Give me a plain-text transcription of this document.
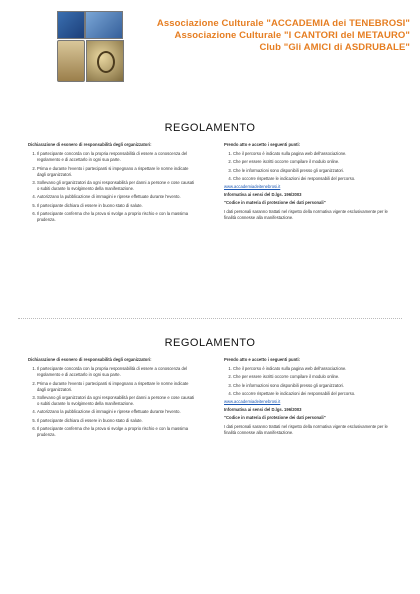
Associazione Culturale "ACCADEMIA dei TENEBROSI"
Associazione Culturale "I CANTORI del METAURO"
Club "Gli AMICI di ASDRUBALE"
REGOLAMENTO
Dichiarazione di esonero di responsabilità degli organizzatori:
1. Il partecipante concorda con la propria responsabilità di essere a conoscenza del regolamento e di accettarlo in ogni sua parte.
2. Prima e durante l'evento i partecipanti si impegnano a rispettare le norme indicate dagli organizzatori.
3. Sollevano gli organizzatori da ogni responsabilità per danni a persone e cose causati o subiti durante lo svolgimento della manifestazione.
4. Autorizzano la pubblicazione di immagini e riprese effettuate durante l'evento.
5. Il partecipante dichiara di essere in buono stato di salute.
6. Il partecipante conferma che la prova si svolge a proprio rischio e con la massima prudenza.
Prendo atto e accetto i seguenti punti:
1. Che il percorso è indicato sulla pagina web dell'associazione.
2. Che per essere iscritti occorre compilare il modulo online.
3. Che le informazioni sono disponibili presso gli organizzatori.
4. Che occorre rispettare le indicazioni dei responsabili del percorso.

www.accademiadeitenebrosi.it

Informativa ai sensi del D.lgs. 196/2003

"Codice in materia di protezione dei dati personali"

I dati personali saranno trattati nel rispetto della normativa vigente esclusivamente per le finalità connesse alla manifestazione.

REGOLAMENTO
Dichiarazione di esonero di responsabilità degli organizzatori:
1. Il partecipante concorda con la propria responsabilità di essere a conoscenza del regolamento e di accettarlo in ogni sua parte.
2. Prima e durante l'evento i partecipanti si impegnano a rispettare le norme indicate dagli organizzatori.
3. Sollevano gli organizzatori da ogni responsabilità per danni a persone e cose causati o subiti durante lo svolgimento della manifestazione.
4. Autorizzano la pubblicazione di immagini e riprese effettuate durante l'evento.
5. Il partecipante dichiara di essere in buono stato di salute.
6. Il partecipante conferma che la prova si svolge a proprio rischio e con la massima prudenza.
Prendo atto e accetto i seguenti punti:
1. Che il percorso è indicato sulla pagina web dell'associazione.
2. Che per essere iscritti occorre compilare il modulo online.
3. Che le informazioni sono disponibili presso gli organizzatori.
4. Che occorre rispettare le indicazioni dei responsabili del percorso.

www.accademiadeitenebrosi.it

Informativa ai sensi del D.lgs. 196/2003

"Codice in materia di protezione dei dati personali"

I dati personali saranno trattati nel rispetto della normativa vigente esclusivamente per le finalità connesse alla manifestazione.
